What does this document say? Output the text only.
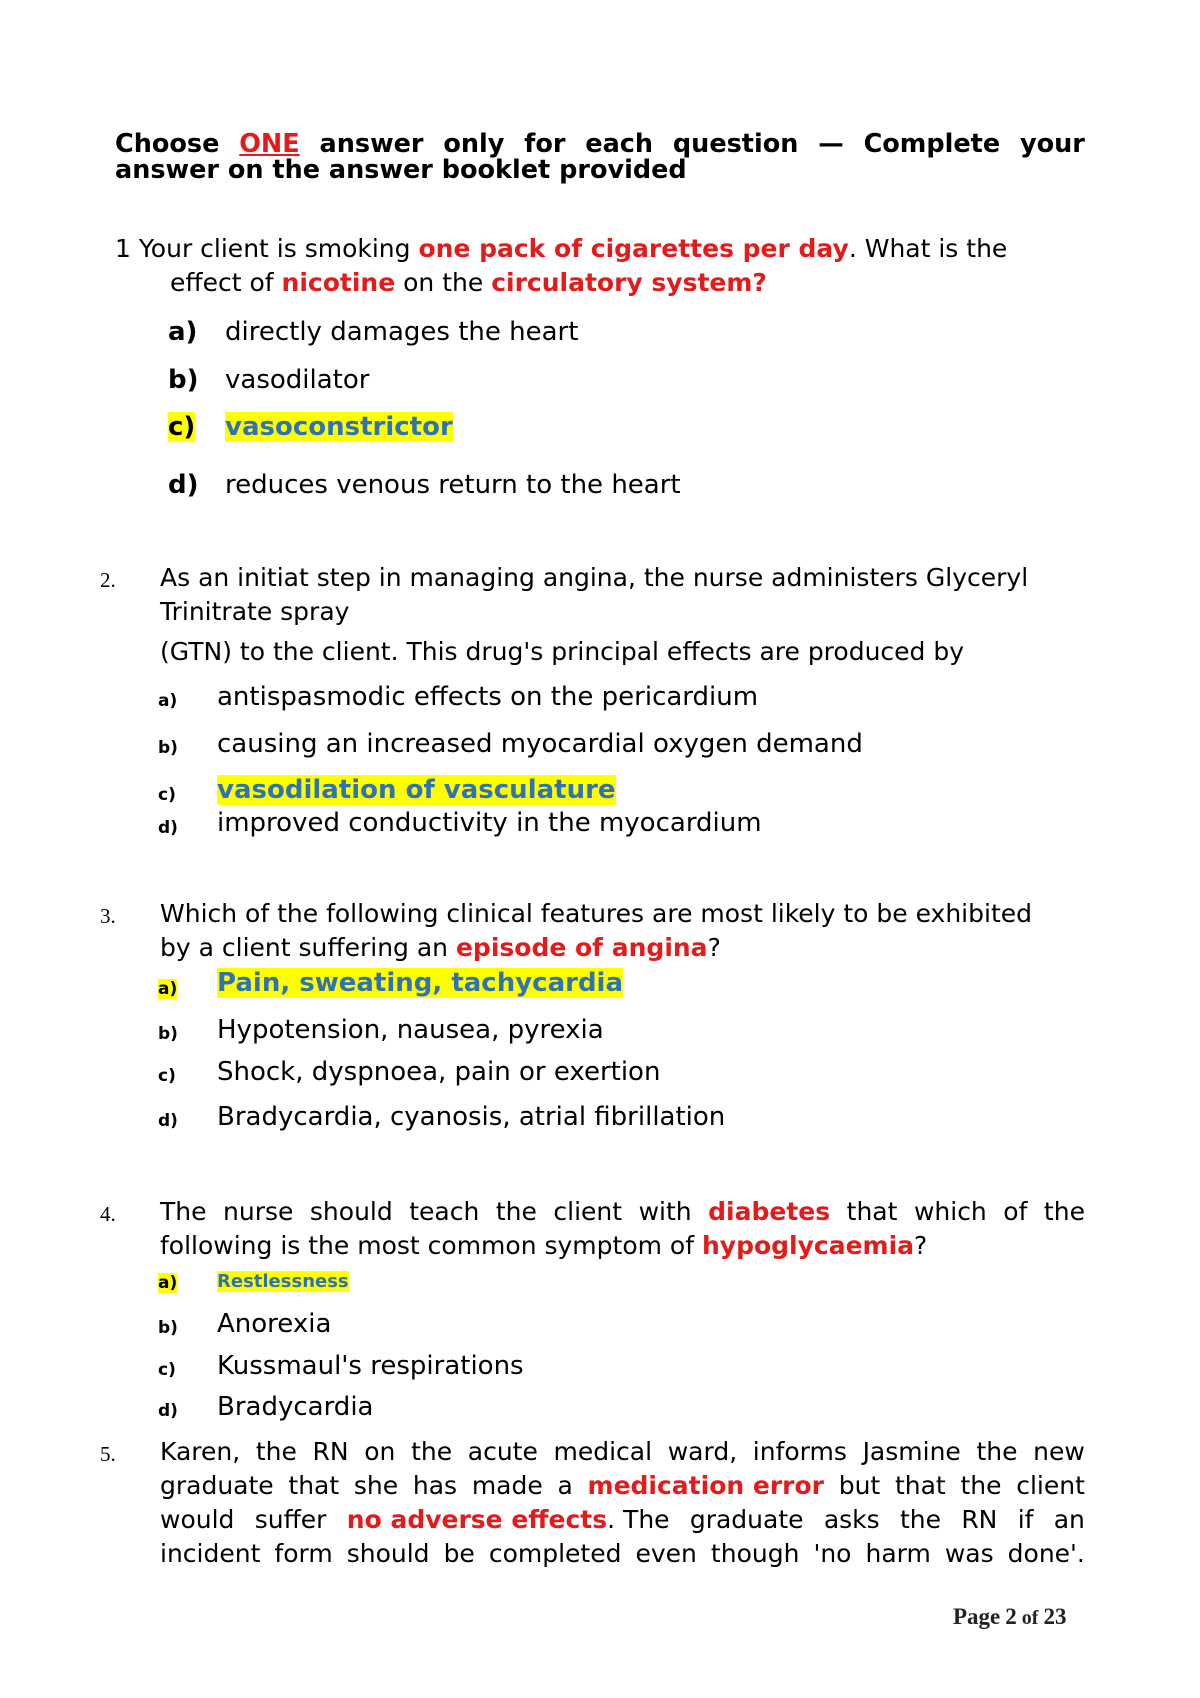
Choose ONE answer only for each question — Complete your
answer on the answer booklet provided
1 Your client is smoking one pack of cigarettes per day. What is the
effect of nicotine on the circulatory system?
a) directly damages the heart
b) vasodilator
c) vasoconstrictor
d) reduces venous return to the heart
2. As an initiat step in managing angina, the nurse administers Glyceryl
Trinitrate spray
(GTN) to the client. This drug's principal effects are produced by
a) antispasmodic effects on the pericardium
b) causing an increased myocardial oxygen demand
c) vasodilation of vasculature
d) improved conductivity in the myocardium
3. Which of the following clinical features are most likely to be exhibited
by a client suffering an episode of angina?
a) Pain, sweating, tachycardia
b) Hypotension, nausea, pyrexia
c) Shock, dyspnoea, pain or exertion
d) Bradycardia, cyanosis, atrial fibrillation
4. The nurse should teach the client with diabetes that which of the
following is the most common symptom of hypoglycaemia?
a) Restlessness
b) Anorexia
c) Kussmaul's respirations
d) Bradycardia
5. Karen, the RN on the acute medical ward, informs Jasmine the new
graduate that she has made a medication error but that the client
would suffer no adverse effects . The graduate asks the RN if an
incident form should be completed even though 'no harm was done'.
Page 2 of 23
